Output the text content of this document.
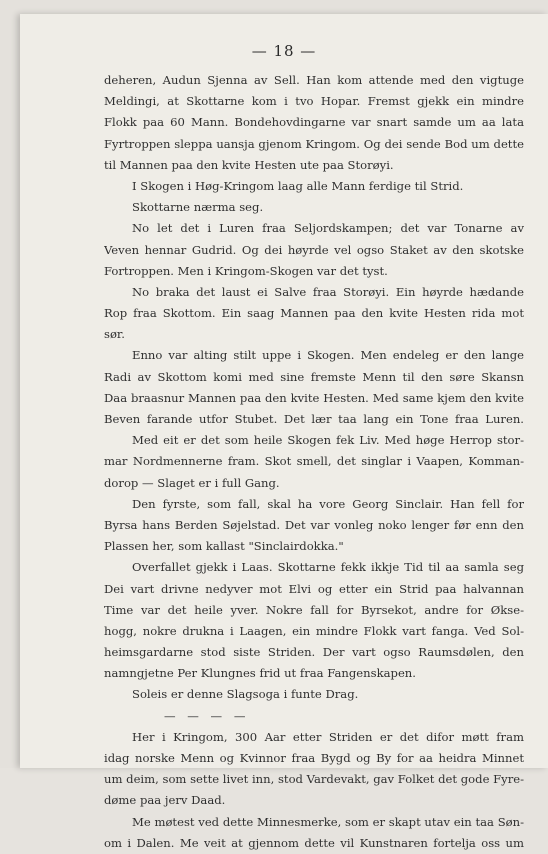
— 18 —
deheren, Audun Sjenna av Sell. Han kom attende med den vigtuge
Meldingi, at Skottarne kom i tvo Hopar. Fremst gjekk ein mindre
Flokk paa 60 Mann. Bondehovdingarne var snart samde um aa lata
Fyrtroppen sleppa uansja gjenom Kringom. Og dei sende Bod um dette
til Mannen paa den kvite Hesten ute paa Storøyi.
I Skogen i Høg-Kringom laag alle Mann ferdige til Strid.
Skottarne nærma seg.
No let det i Luren fraa Seljordskampen; det var Tonarne av
Veven hennar Gudrid. Og dei høyrde vel ogso Staket av den skotske
Fortroppen. Men i Kringom-Skogen var det tyst.
No braka det laust ei Salve fraa Storøyi. Ein høyrde hædande
Rop fraa Skottom. Ein saag Mannen paa den kvite Hesten rida mot
sør.
Enno var alting stilt uppe i Skogen. Men endeleg er den lange
Radi av Skottom komi med sine fremste Menn til den søre Skansn
Daa braasnur Mannen paa den kvite Hesten. Med same kjem den kvite
Beven farande utfor Stubet. Det lær taa lang ein Tone fraa Luren.
Med eit er det som heile Skogen fek Liv. Med høge Herrop stor-
mar Nordmennerne fram. Skot smell, det singlar i Vaapen, Komman-
dorop — Slaget er i full Gang.
Den fyrste, som fall, skal ha vore Georg Sinclair. Han fell for
Byrsa hans Berden Søjelstad. Det var vonleg noko lenger før enn den
Plassen her, som kallast "Sinclairdokka."
Overfallet gjekk i Laas. Skottarne fekk ikkje Tid til aa samla seg
Dei vart drivne nedyver mot Elvi og etter ein Strid paa halvannan
Time var det heile yver. Nokre fall for Byrsekot, andre for Økse-
hogg, nokre drukna i Laagen, ein mindre Flokk vart fanga. Ved Sol-
heimsgardarne stod siste Striden. Der vart ogso Raumsdølen, den
namngjetne Per Klungnes frid ut fraa Fangenskapen.
Soleis er denne Slagsoga i funte Drag.
— — — —
Her i Kringom, 300 Aar etter Striden er det difor møtt fram
idag norske Menn og Kvinnor fraa Bygd og By for aa heidra Minnet
um deim, som sette livet inn, stod Vardevakt, gav Folket det gode Fyre-
døme paa jerv Daad.
Me møtest ved dette Minnesmerke, som er skapt utav ein taa Søn-
om i Dalen. Me veit at gjennom dette vil Kunstnaren fortelja oss um
